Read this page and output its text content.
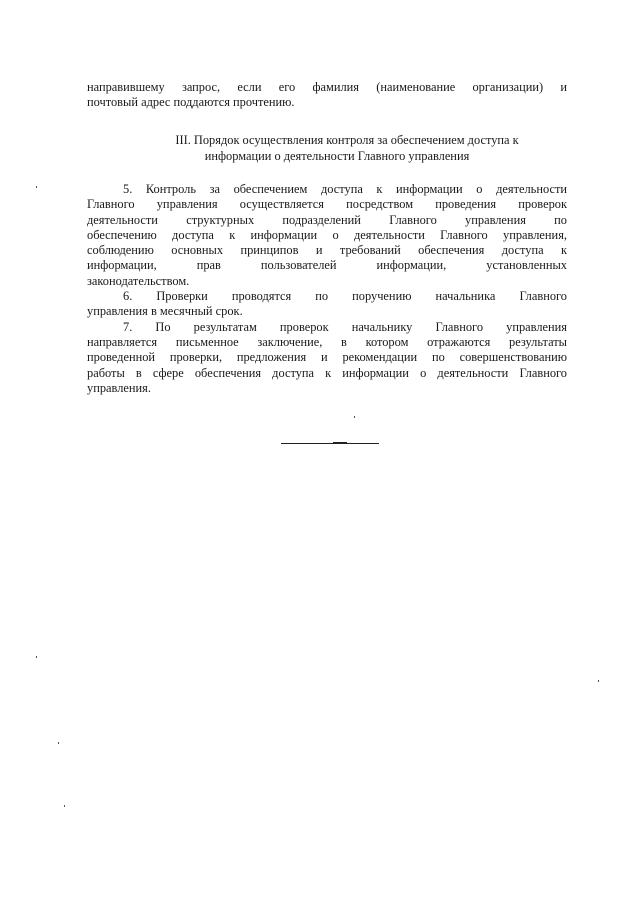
направившему запрос, если его фамилия (наименование организации) и
почтовый адрес поддаются прочтению.

III. Порядок осуществления контроля за обеспечением доступа к
информации о деятельности Главного управления

5. Контроль за обеспечением доступа к информации о деятельности
Главного управления осуществляется посредством проведения проверок
деятельности структурных подразделений Главного управления по
обеспечению доступа к информации о деятельности Главного управления,
соблюдению основных принципов и требований обеспечения доступа к
информации, прав пользователей информации, установленных
законодательством.

6. Проверки проводятся по поручению начальника Главного
управления в месячный срок.

7. По результатам проверок начальнику Главного управления
направляется письменное заключение, в котором отражаются результаты
проведенной проверки, предложения и рекомендации по совершенствованию
работы в сфере обеспечения доступа к информации о деятельности Главного
управления.
